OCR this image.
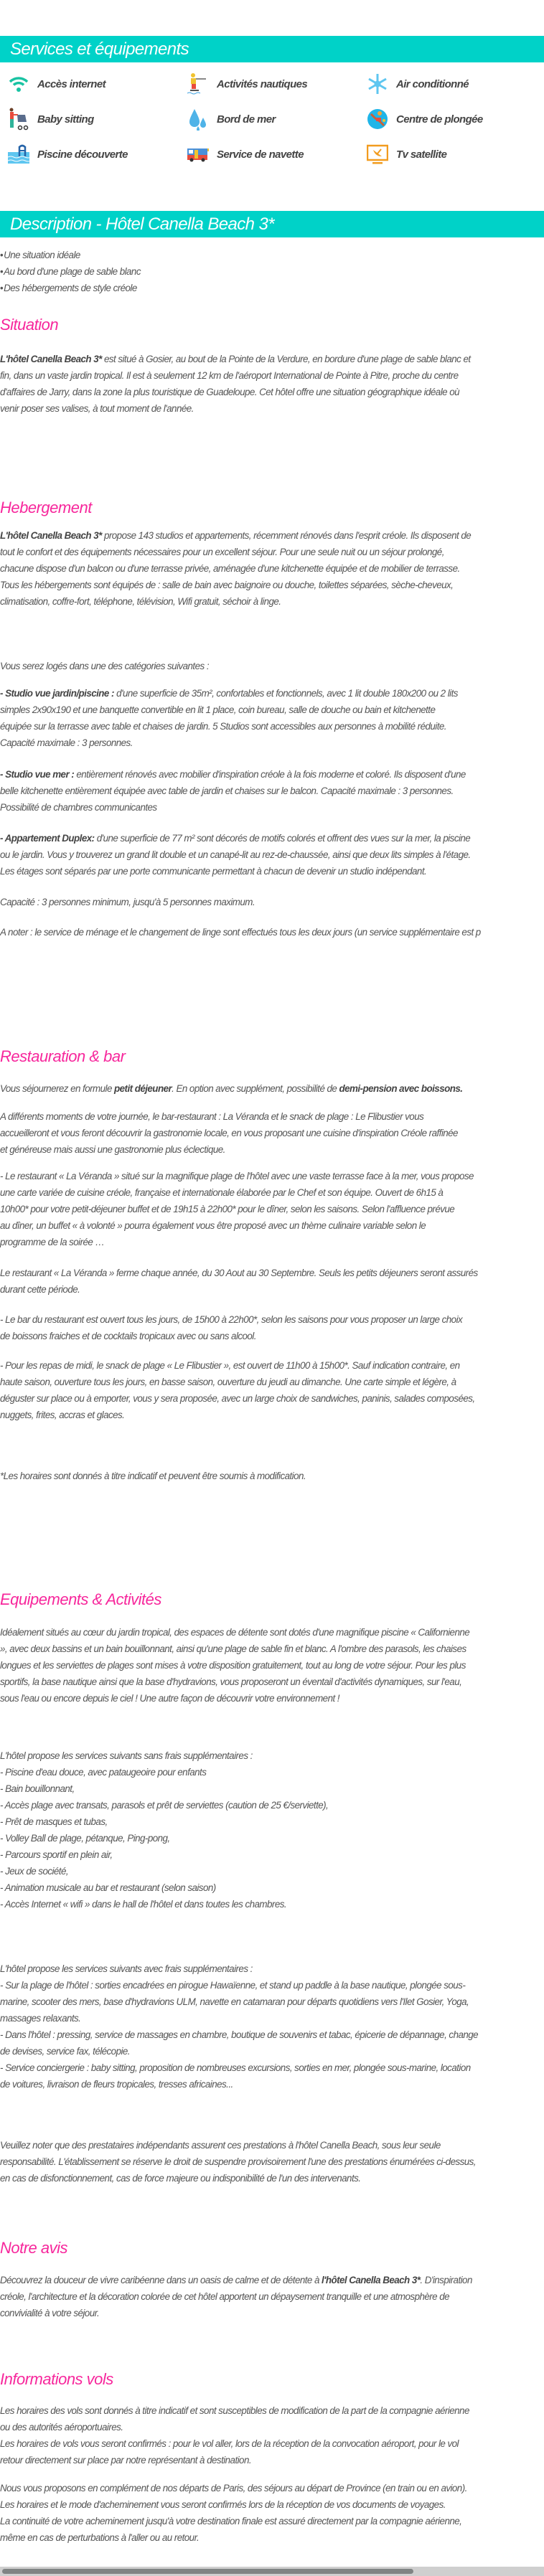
Services et équipements
Accès internet	Activités nautiques	Air conditionné
Baby sitting	Bord de mer	Centre de plongée
Piscine découverte	Service de navette	Tv satellite
Description - Hôtel Canella Beach 3*
• Une situation idéale
• Au bord d'une plage de sable blanc
• Des hébergements de style créole
Situation
L'hôtel Canella Beach 3* est situé à Gosier, au bout de la Pointe de la Verdure, en bordure d'une plage de sable blanc et
fin, dans un vaste jardin tropical. Il est à seulement 12 km de l'aéroport International de Pointe à Pitre, proche du centre
d'affaires de Jarry, dans la zone la plus touristique de Guadeloupe. Cet hôtel offre une situation géographique idéale où
venir poser ses valises, à tout moment de l'année.
Hebergement
L'hôtel Canella Beach 3* propose 143 studios et appartements, récemment rénovés dans l'esprit créole. Ils disposent de
tout le confort et des équipements nécessaires pour un excellent séjour. Pour une seule nuit ou un séjour prolongé,
chacune dispose d'un balcon ou d'une terrasse privée, aménagée d'une kitchenette équipée et de mobilier de terrasse.
Tous les hébergements sont équipés de : salle de bain avec baignoire ou douche, toilettes séparées, sèche-cheveux,
climatisation, coffre-fort, téléphone, télévision, Wifi gratuit, séchoir à linge.
Vous serez logés dans une des catégories suivantes :
- Studio vue jardin/piscine : d'une superficie de 35m², confortables et fonctionnels, avec 1 lit double 180x200 ou 2 lits
simples 2x90x190 et une banquette convertible en lit 1 place, coin bureau, salle de douche ou bain et kitchenette
équipée sur la terrasse avec table et chaises de jardin. 5 Studios sont accessibles aux personnes à mobilité réduite.
Capacité maximale : 3 personnes.
- Studio vue mer : entièrement rénovés avec mobilier d'inspiration créole à la fois moderne et coloré. Ils disposent d'une
belle kitchenette entièrement équipée avec table de jardin et chaises sur le balcon. Capacité maximale : 3 personnes.
Possibilité de chambres communicantes
- Appartement Duplex: d'une superficie de 77 m² sont décorés de motifs colorés et offrent des vues sur la mer, la piscine
ou le jardin. Vous y trouverez un grand lit double et un canapé-lit au rez-de-chaussée, ainsi que deux lits simples à l'étage.
Les étages sont séparés par une porte communicante permettant à chacun de devenir un studio indépendant.
Capacité : 3 personnes minimum, jusqu'à 5 personnes maximum.
A noter : le service de ménage et le changement de linge sont effectués tous les deux jours (un service supplémentaire est p
Restauration & bar
Vous séjournerez en formule petit déjeuner. En option avec supplément, possibilité de demi-pension avec boissons.
A différents moments de votre journée, le bar-restaurant : La Véranda et le snack de plage : Le Flibustier vous
accueilleront et vous feront découvrir la gastronomie locale, en vous proposant une cuisine d'inspiration Créole raffinée
et généreuse mais aussi une gastronomie plus éclectique.
- Le restaurant « La Véranda » situé sur la magnifique plage de l'hôtel avec une vaste terrasse face à la mer, vous propose
une carte variée de cuisine créole, française et internationale élaborée par le Chef et son équipe. Ouvert de 6h15 à
10h00* pour votre petit-déjeuner buffet et de 19h15 à 22h00* pour le dîner, selon les saisons. Selon l'affluence prévue
au dîner, un buffet « à volonté » pourra également vous être proposé avec un thème culinaire variable selon le
programme de la soirée …
Le restaurant « La Véranda » ferme chaque année, du 30 Aout au 30 Septembre. Seuls les petits déjeuners seront assurés
durant cette période.
- Le bar du restaurant est ouvert tous les jours, de 15h00 à 22h00*, selon les saisons pour vous proposer un large choix
de boissons fraiches et de cocktails tropicaux avec ou sans alcool.
- Pour les repas de midi, le snack de plage « Le Flibustier », est ouvert de 11h00 à 15h00*. Sauf indication contraire, en
haute saison, ouverture tous les jours, en basse saison, ouverture du jeudi au dimanche. Une carte simple et légère, à
déguster sur place ou à emporter, vous y sera proposée, avec un large choix de sandwiches, paninis, salades composées,
nuggets, frites, accras et glaces.
*Les horaires sont donnés à titre indicatif et peuvent être soumis à modification.
Equipements & Activités
Idéalement situés au cœur du jardin tropical, des espaces de détente sont dotés d'une magnifique piscine « Californienne
», avec deux bassins et un bain bouillonnant, ainsi qu'une plage de sable fin et blanc. A l'ombre des parasols, les chaises
longues et les serviettes de plages sont mises à votre disposition gratuitement, tout au long de votre séjour. Pour les plus
sportifs, la base nautique ainsi que la base d'hydravions, vous proposeront un éventail d'activités dynamiques, sur l'eau,
sous l'eau ou encore depuis le ciel ! Une autre façon de découvrir votre environnement !
L'hôtel propose les services suivants sans frais supplémentaires :
- Piscine d'eau douce, avec pataugeoire pour enfants
- Bain bouillonnant,
- Accès plage avec transats, parasols et prêt de serviettes (caution de 25 €/serviette),
- Prêt de masques et tubas,
- Volley Ball de plage, pétanque, Ping-pong,
- Parcours sportif en plein air,
- Jeux de société,
- Animation musicale au bar et restaurant (selon saison)
- Accès Internet « wifi » dans le hall de l'hôtel et dans toutes les chambres.
L'hôtel propose les services suivants avec frais supplémentaires :
- Sur la plage de l'hôtel : sorties encadrées en pirogue Hawaïenne, et stand up paddle à la base nautique, plongée sous-
marine, scooter des mers, base d'hydravions ULM, navette en catamaran pour départs quotidiens vers l'Ilet Gosier, Yoga,
massages relaxants.
- Dans l'hôtel : pressing, service de massages en chambre, boutique de souvenirs et tabac, épicerie de dépannage, change
de devises, service fax, télécopie.
- Service conciergerie : baby sitting, proposition de nombreuses excursions, sorties en mer, plongée sous-marine, location
de voitures, livraison de fleurs tropicales, tresses africaines...
Veuillez noter que des prestataires indépendants assurent ces prestations à l'hôtel Canella Beach, sous leur seule
responsabilité. L'établissement se réserve le droit de suspendre provisoirement l'une des prestations énumérées ci-dessus,
en cas de disfonctionnement, cas de force majeure ou indisponibilité de l'un des intervenants.
Notre avis
Découvrez la douceur de vivre caribéenne dans un oasis de calme et de détente à l'hôtel Canella Beach 3*. D'inspiration
créole, l'architecture et la décoration colorée de cet hôtel apportent un dépaysement tranquille et une atmosphère de
convivialité à votre séjour.
Informations vols
Les horaires des vols sont donnés à titre indicatif et sont susceptibles de modification de la part de la compagnie aérienne
ou des autorités aéroportuaires.
Les horaires de vols vous seront confirmés : pour le vol aller, lors de la réception de la convocation aéroport, pour le vol
retour directement sur place par notre représentant à destination.
Nous vous proposons en complément de nos départs de Paris, des séjours au départ de Province (en train ou en avion).
Les horaires et le mode d'acheminement vous seront confirmés lors de la réception de vos documents de voyages.
La continuité de votre acheminement jusqu'à votre destination finale est assuré directement par la compagnie aérienne,
même en cas de perturbations à l'aller ou au retour.
